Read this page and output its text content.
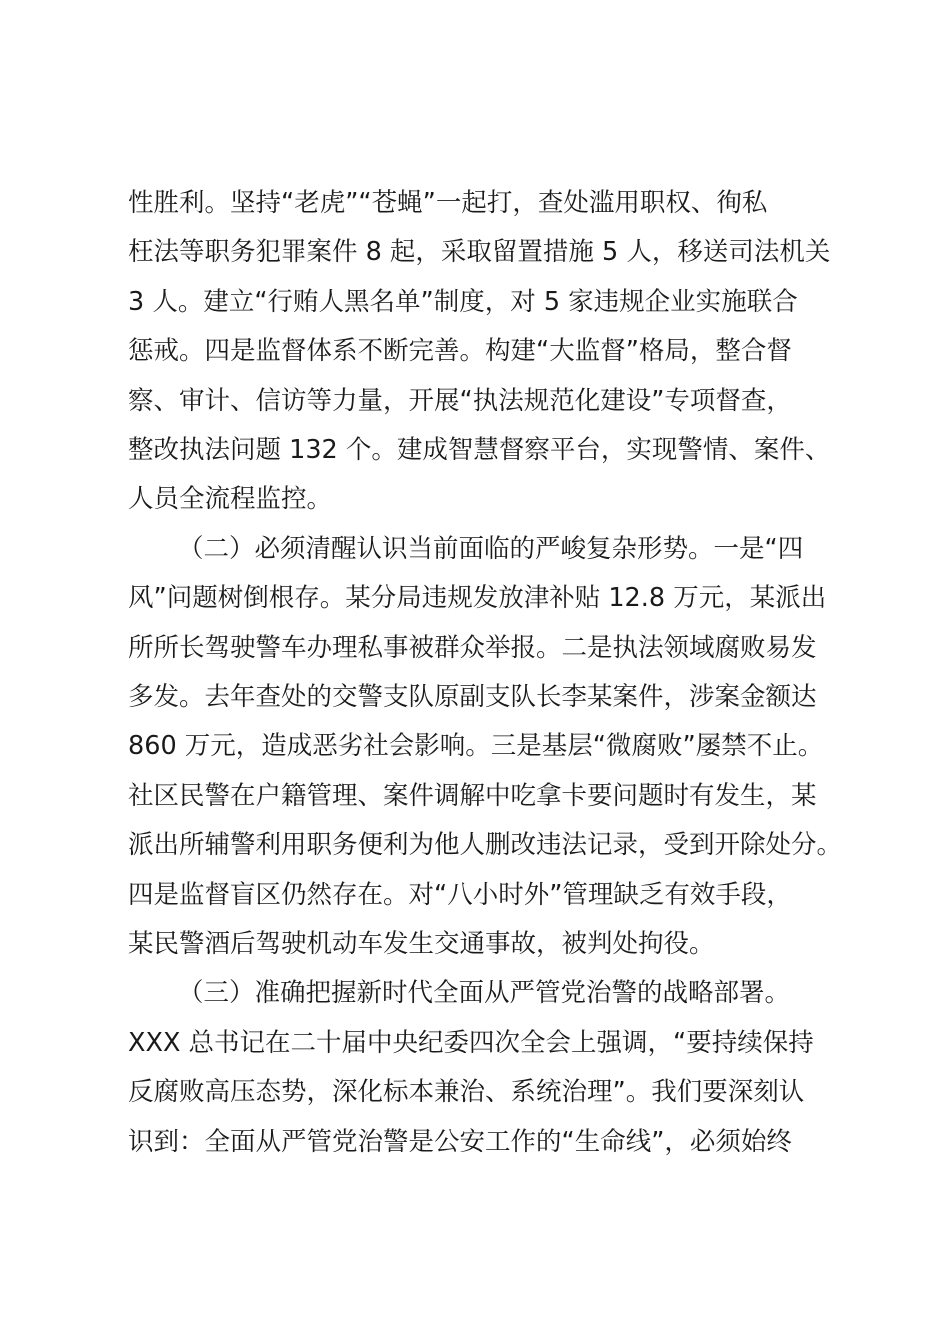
性胜利。坚持“老虎”“苍蝇”一起打，查处滥用职权、徇私
枉法等职务犯罪案件 8 起，采取留置措施 5 人，移送司法机关
3 人。建立“行贿人黑名单”制度，对 5 家违规企业实施联合
惩戒。四是监督体系不断完善。构建“大监督”格局，整合督
察、审计、信访等力量，开展“执法规范化建设”专项督查，
整改执法问题 132 个。建成智慧督察平台，实现警情、案件、
人员全流程监控。
（二）必须清醒认识当前面临的严峻复杂形势。一是“四
风”问题树倒根存。某分局违规发放津补贴 12.8 万元，某派出
所所长驾驶警车办理私事被群众举报。二是执法领域腐败易发
多发。去年查处的交警支队原副支队长李某案件，涉案金额达
860 万元，造成恶劣社会影响。三是基层“微腐败”屡禁不止。
社区民警在户籍管理、案件调解中吃拿卡要问题时有发生，某
派出所辅警利用职务便利为他人删改违法记录，受到开除处分。
四是监督盲区仍然存在。对“八小时外”管理缺乏有效手段，
某民警酒后驾驶机动车发生交通事故，被判处拘役。
（三）准确把握新时代全面从严管党治警的战略部署。
XXX 总书记在二十届中央纪委四次全会上强调，“要持续保持
反腐败高压态势，深化标本兼治、系统治理”。我们要深刻认
识到：全面从严管党治警是公安工作的“生命线”，必须始终
